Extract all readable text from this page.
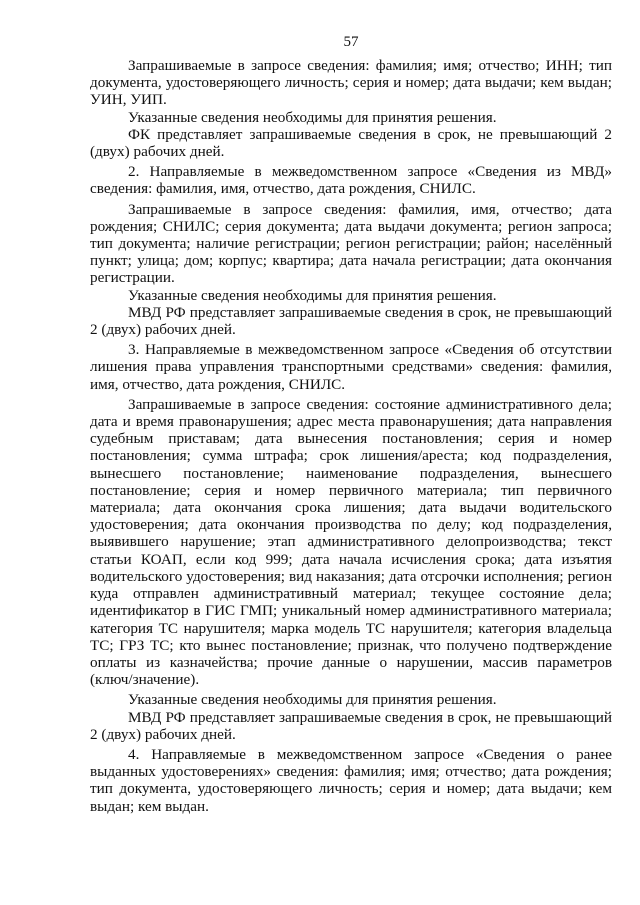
57

Запрашиваемые в запросе сведения: фамилия; имя; отчество; ИНН; тип документа, удостоверяющего личность; серия и номер; дата выдачи; кем выдан; УИН, УИП.

Указанные сведения необходимы для принятия решения.

ФК представляет запрашиваемые сведения в срок, не превышающий 2 (двух) рабочих дней.

2. Направляемые в межведомственном запросе «Сведения из МВД» сведения: фамилия, имя, отчество, дата рождения, СНИЛС.

Запрашиваемые в запросе сведения: фамилия, имя, отчество; дата рождения; СНИЛС; серия документа; дата выдачи документа; регион запроса; тип документа; наличие регистрации; регион регистрации; район; населённый пункт; улица; дом; корпус; квартира; дата начала регистрации; дата окончания регистрации.

Указанные сведения необходимы для принятия решения.

МВД РФ представляет запрашиваемые сведения в срок, не превышающий 2 (двух) рабочих дней.

3. Направляемые в межведомственном запросе «Сведения об отсутствии лишения права управления транспортными средствами» сведения: фамилия, имя, отчество, дата рождения, СНИЛС.

Запрашиваемые в запросе сведения: состояние административного дела; дата и время правонарушения; адрес места правонарушения; дата направления судебным приставам; дата вынесения постановления; серия и номер постановления; сумма штрафа; срок лишения/ареста; код подразделения, вынесшего постановление; наименование подразделения, вынесшего постановление; серия и номер первичного материала; тип первичного материала; дата окончания срока лишения; дата выдачи водительского удостоверения; дата окончания производства по делу; код подразделения, выявившего нарушение; этап административного делопроизводства; текст статьи КОАП, если код 999; дата начала исчисления срока; дата изъятия водительского удостоверения; вид наказания; дата отсрочки исполнения; регион куда отправлен административный материал; текущее состояние дела; идентификатор в ГИС ГМП; уникальный номер административного материала; категория ТС нарушителя; марка модель ТС нарушителя; категория владельца ТС; ГРЗ ТС; кто вынес постановление; признак, что получено подтверждение оплаты из казначейства; прочие данные о нарушении, массив параметров (ключ/значение).

Указанные сведения необходимы для принятия решения.

МВД РФ представляет запрашиваемые сведения в срок, не превышающий 2 (двух) рабочих дней.

4. Направляемые в межведомственном запросе «Сведения о ранее выданных удостоверениях» сведения: фамилия; имя; отчество; дата рождения; тип документа, удостоверяющего личность; серия и номер; дата выдачи; кем выдан; кем выдан.
